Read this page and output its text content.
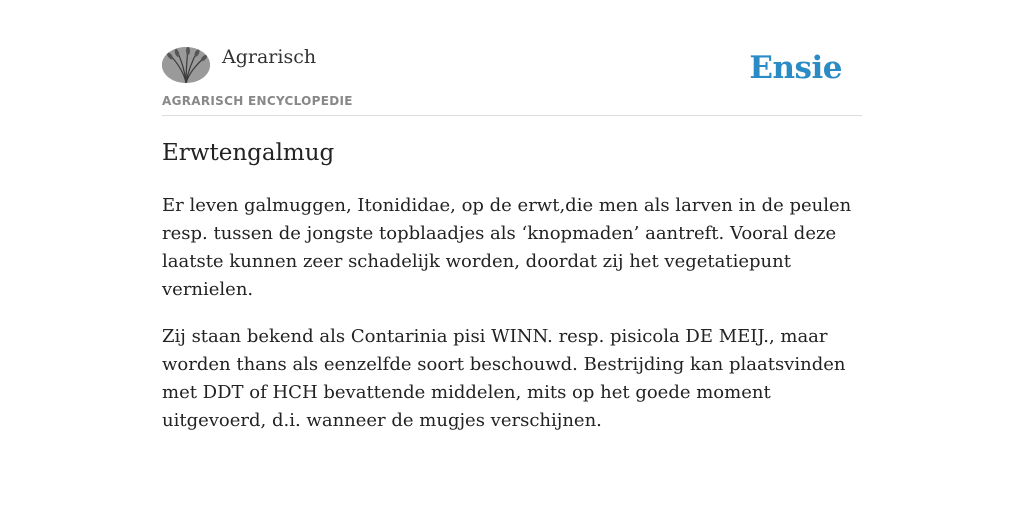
Agrarisch
AGRARISCH ENCYCLOPEDIE
Ensie
Erwtengalmug

Er leven galmuggen, Itonididae, op de erwt,die men als larven in de peulen resp. tussen de jongste topblaadjes als ‘knopmaden’ aantreft. Vooral deze laatste kunnen zeer schadelijk worden, doordat zij het vegetatiepunt vernielen.

Zij staan bekend als Contarinia pisi WINN. resp. pisicola DE MEIJ., maar worden thans als eenzelfde soort beschouwd. Bestrijding kan plaatsvinden met DDT of HCH bevattende middelen, mits op het goede moment uitgevoerd, d.i. wanneer de mugjes verschijnen.
